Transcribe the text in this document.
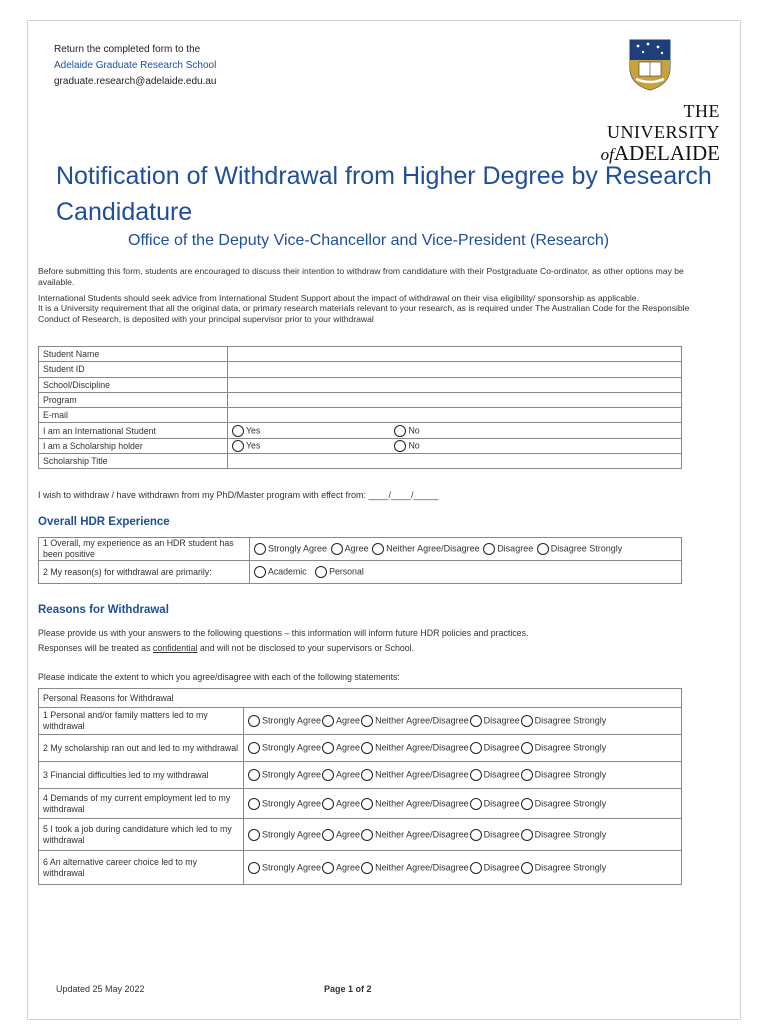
Return the completed form to the
Adelaide Graduate Research School
graduate.research@adelaide.edu.au
THE UNIVERSITY
ofADELAIDE
Notification of Withdrawal from Higher Degree by Research Candidature
Office of the Deputy Vice-Chancellor and Vice-President (Research)

Before submitting this form, students are encouraged to discuss their intention to withdraw from candidature with their Postgraduate Co-ordinator, as other options may be available.

International Students should seek advice from International Student Support about the impact of withdrawal on their visa eligibility/ sponsorship as applicable.

It is a University requirement that all the original data, or primary research materials relevant to your research, as is required under The Australian Code for the Responsible Conduct of Research, is deposited with your principal supervisor prior to your withdrawal

Student Name	
Student ID	
School/Discipline	
Program	
E-mail	
I am an International Student	Yes No
I am a Scholarship holder	Yes No
Scholarship Title	
I wish to withdraw / have withdrawn from my PhD/Master program with effect from: ____/____/_____
Overall HDR Experience
1 Overall, my experience as an HDR student has been positive	Strongly Agree Agree Neither Agree/Disagree Disagree Disagree Strongly
2 My reason(s) for withdrawal are primarily:	Academic Personal
Reasons for Withdrawal
Please provide us with your answers to the following questions – this information will inform future HDR policies and practices.
Responses will be treated as confidential and will not be disclosed to your supervisors or School.
Please indicate the extent to which you agree/disagree with each of the following statements:
Personal Reasons for Withdrawal	
1 Personal and/or family matters led to my withdrawal	Strongly Agree Agree Neither Agree/Disagree Disagree Disagree Strongly
2 My scholarship ran out and led to my withdrawal	Strongly Agree Agree Neither Agree/Disagree Disagree Disagree Strongly
3 Financial difficulties led to my withdrawal	Strongly Agree Agree Neither Agree/Disagree Disagree Disagree Strongly
4 Demands of my current employment led to my withdrawal	Strongly Agree Agree Neither Agree/Disagree Disagree Disagree Strongly
5 I took a job during candidature which led to my withdrawal	Strongly Agree Agree Neither Agree/Disagree Disagree Disagree Strongly
6 An alternative career choice led to my withdrawal	Strongly Agree Agree Neither Agree/Disagree Disagree Disagree Strongly
Updated 25 May 2022	Page 1 of 2
